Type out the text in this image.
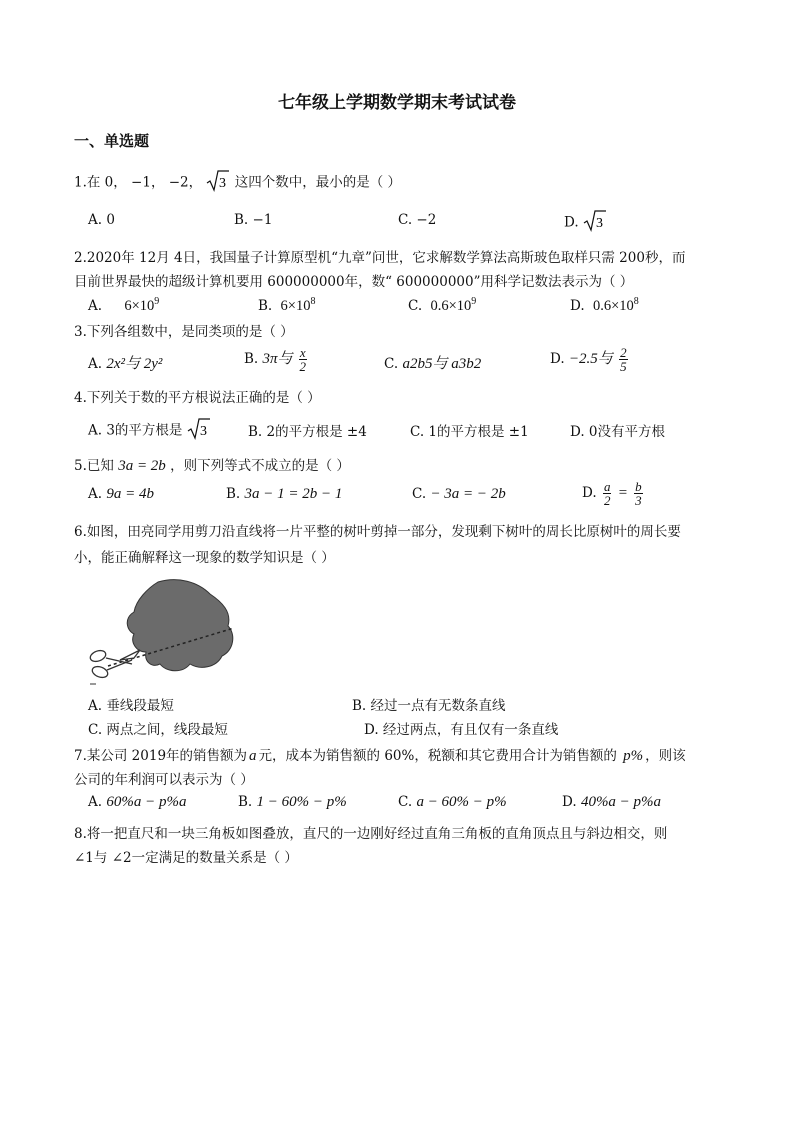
七年级上学期数学期末考试试卷
一、单选题
1.在 0， −1， −2， 3 这四个数中，最小的是（ ）
A. 0	B. −1	C. −2	D. 3
2.2020年 12月 4日，我国量子计算原型机“九章”问世，它求解数学算法高斯玻色取样只需 200秒，而
目前世界最快的超级计算机要用 600000000年，数“ 600000000”用科学记数法表示为（ ）
A. $6\times 10^9$	B. $6\times 10^8$	C. $0.6\times 10^9$	D. $0.6\times 10^8$
3.下列各组数中，是同类项的是（ ）
A. 2x²与 2y²	B. 3π与 $\frac{x}{2}$	C. a2b5与 a3b2	D. −2.5与 $\frac{2}{5}$
4.下列关于数的平方根说法正确的是（ ）
A. 3的平方根是 3	B. 2的平方根是 ±4	C. 1的平方根是 ±1	D. 0没有平方根
5.已知 3a = 2b ，则下列等式不成立的是（ ）
A. 9a = 4b	B. 3a − 1 = 2b − 1	C. − 3a = − 2b	D. $\frac{a}{2} = \frac{b}{3}$
6.如图，田亮同学用剪刀沿直线将一片平整的树叶剪掉一部分，发现剩下树叶的周长比原树叶的周长要
小，能正确解释这一现象的数学知识是（ ）
A. 垂线段最短	B. 经过一点有无数条直线
C. 两点之间，线段最短	D. 经过两点，有且仅有一条直线
7.某公司 2019年的销售额为 a 元，成本为销售额的 60%，税额和其它费用合计为销售额的 p% ，则该
公司的年利润可以表示为（ ）
A. 60%a − p%a	B. 1 − 60% − p%	C. a − 60% − p%	D. 40%a − p%a
8.将一把直尺和一块三角板如图叠放，直尺的一边刚好经过直角三角板的直角顶点且与斜边相交，则
∠1与 ∠2一定满足的数量关系是（ ）
